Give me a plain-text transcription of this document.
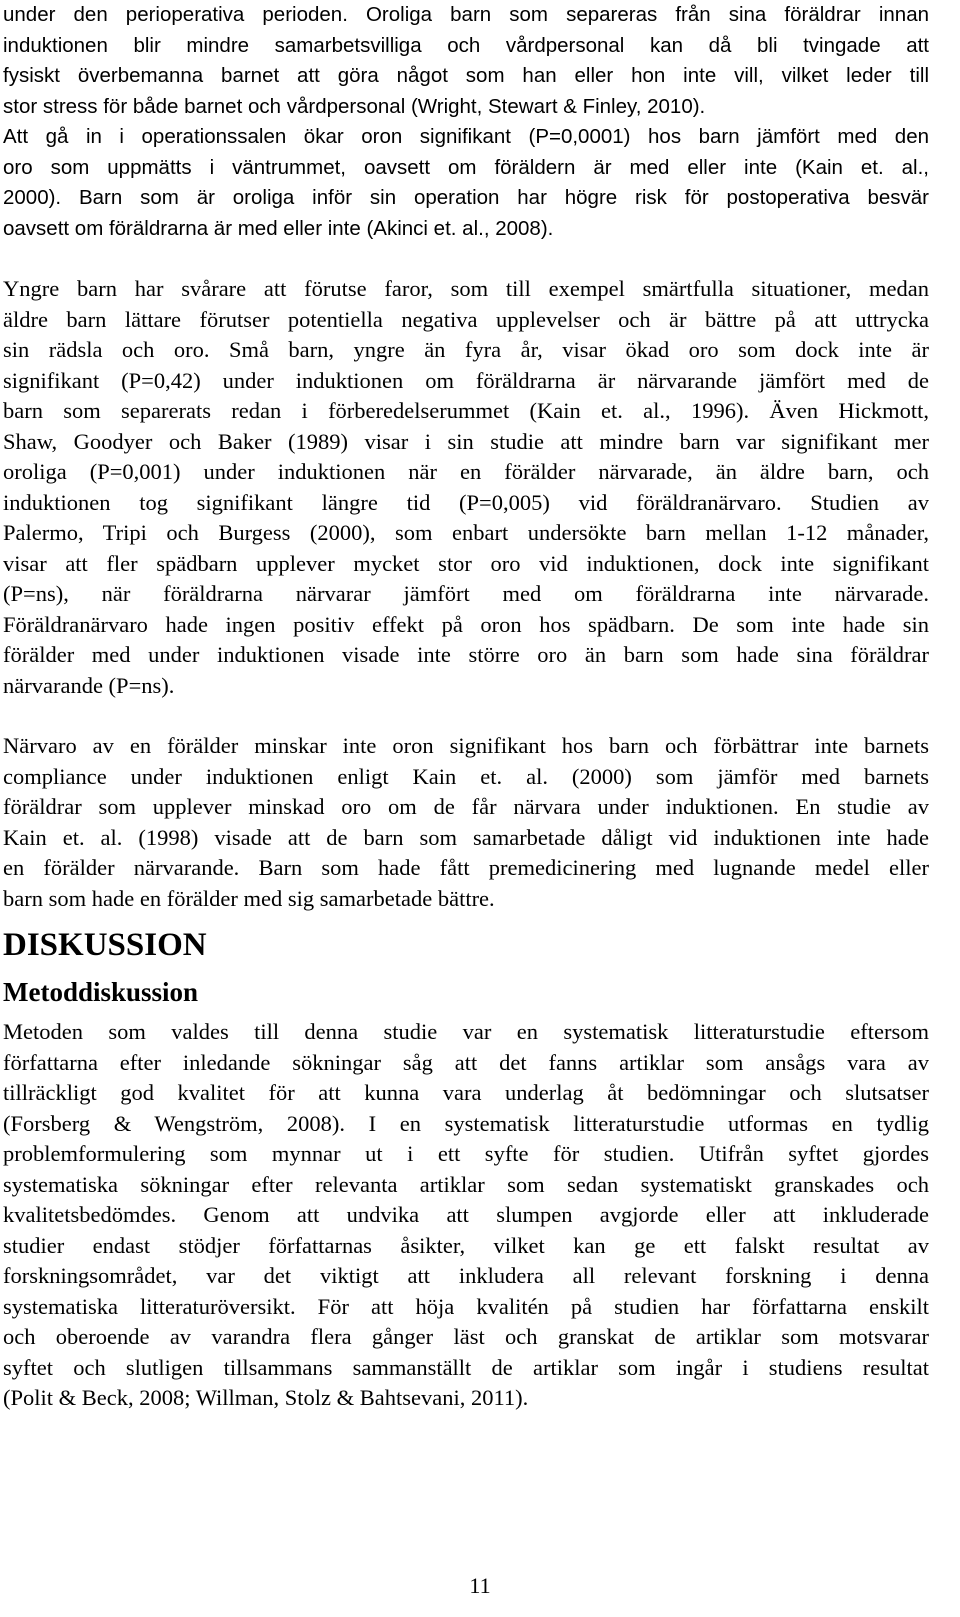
under den perioperativa perioden. Oroliga barn som separeras från sina föräldrar innan
induktionen blir mindre samarbetsvilliga och vårdpersonal kan då bli tvingade att
fysiskt överbemanna barnet att göra något som han eller hon inte vill, vilket leder till
stor stress för både barnet och vårdpersonal (Wright, Stewart & Finley, 2010).
Att gå in i operationssalen ökar oron signifikant (P=0,0001) hos barn jämfört med den
oro som uppmätts i väntrummet, oavsett om föräldern är med eller inte (Kain et. al.,
2000). Barn som är oroliga inför sin operation har högre risk för postoperativa besvär
oavsett om föräldrarna är med eller inte (Akinci et. al., 2008).
Yngre barn har svårare att förutse faror, som till exempel smärtfulla situationer, medan
äldre barn lättare förutser potentiella negativa upplevelser och är bättre på att uttrycka
sin rädsla och oro. Små barn, yngre än fyra år, visar ökad oro som dock inte är
signifikant (P=0,42) under induktionen om föräldrarna är närvarande jämfört med de
barn som separerats redan i förberedelserummet (Kain et. al., 1996). Även Hickmott,
Shaw, Goodyer och Baker (1989) visar i sin studie att mindre barn var signifikant mer
oroliga (P=0,001) under induktionen när en förälder närvarade, än äldre barn, och
induktionen tog signifikant längre tid (P=0,005) vid föräldranärvaro. Studien av
Palermo, Tripi och Burgess (2000), som enbart undersökte barn mellan 1-12 månader,
visar att fler spädbarn upplever mycket stor oro vid induktionen, dock inte signifikant
(P=ns), när föräldrarna närvarar jämfört med om föräldrarna inte närvarade.
Föräldranärvaro hade ingen positiv effekt på oron hos spädbarn. De som inte hade sin
förälder med under induktionen visade inte större oro än barn som hade sina föräldrar
närvarande (P=ns).
Närvaro av en förälder minskar inte oron signifikant hos barn och förbättrar inte barnets
compliance under induktionen enligt Kain et. al. (2000) som jämför med barnets
föräldrar som upplever minskad oro om de får närvara under induktionen. En studie av
Kain et. al. (1998) visade att de barn som samarbetade dåligt vid induktionen inte hade
en förälder närvarande. Barn som hade fått premedicinering med lugnande medel eller
barn som hade en förälder med sig samarbetade bättre.
DISKUSSION
Metoddiskussion
Metoden som valdes till denna studie var en systematisk litteraturstudie eftersom
författarna efter inledande sökningar såg att det fanns artiklar som ansågs vara av
tillräckligt god kvalitet för att kunna vara underlag åt bedömningar och slutsatser
(Forsberg & Wengström, 2008). I en systematisk litteraturstudie utformas en tydlig
problemformulering som mynnar ut i ett syfte för studien. Utifrån syftet gjordes
systematiska sökningar efter relevanta artiklar som sedan systematiskt granskades och
kvalitetsbedömdes. Genom att undvika att slumpen avgjorde eller att inkluderade
studier endast stödjer författarnas åsikter, vilket kan ge ett falskt resultat av
forskningsområdet, var det viktigt att inkludera all relevant forskning i denna
systematiska litteraturöversikt. För att höja kvalitén på studien har författarna enskilt
och oberoende av varandra flera gånger läst och granskat de artiklar som motsvarar
syftet och slutligen tillsammans sammanställt de artiklar som ingår i studiens resultat
(Polit & Beck, 2008; Willman, Stolz & Bahtsevani, 2011).
11
